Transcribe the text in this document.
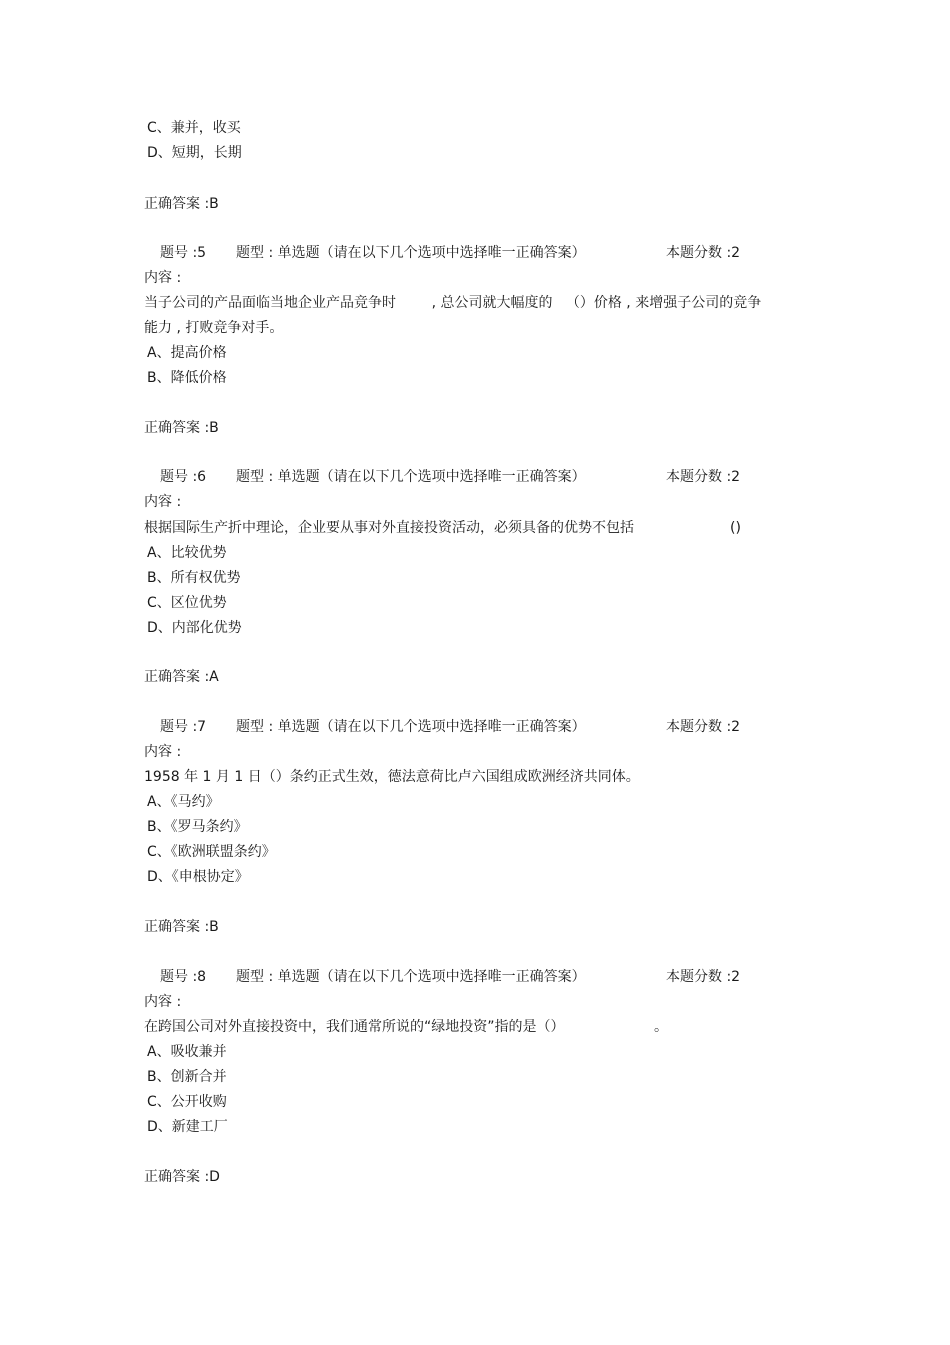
C、兼并，收买
D、短期，长期
正确答案 :B
题号 :5 题型 : 单选题（请在以下几个选项中选择唯一正确答案）	本题分数 :2
内容 :
当子公司的产品面临当地企业产品竞争时        , 总公司就大幅度的   （）价格 , 来增强子公司的竞争
能力 , 打败竞争对手。
A、提高价格
B、降低价格
正确答案 :B
题号 :6 题型 : 单选题（请在以下几个选项中选择唯一正确答案）	本题分数 :2
内容 :
根据国际生产折中理论，企业要从事对外直接投资活动，必须具备的优势不包括	()
A、比较优势
B、所有权优势
C、区位优势
D、内部化优势
正确答案 :A
题号 :7 题型 : 单选题（请在以下几个选项中选择唯一正确答案）	本题分数 :2
内容 :
1958 年 1 月 1 日（）条约正式生效，德法意荷比卢六国组成欧洲经济共同体。
A、《马约》
B、《罗马条约》
C、《欧洲联盟条约》
D、《申根协定》
正确答案 :B
题号 :8 题型 : 单选题（请在以下几个选项中选择唯一正确答案）	本题分数 :2
内容 :
在跨国公司对外直接投资中，我们通常所说的“绿地投资”指的是（）	。
A、吸收兼并
B、创新合并
C、公开收购
D、新建工厂
正确答案 :D
